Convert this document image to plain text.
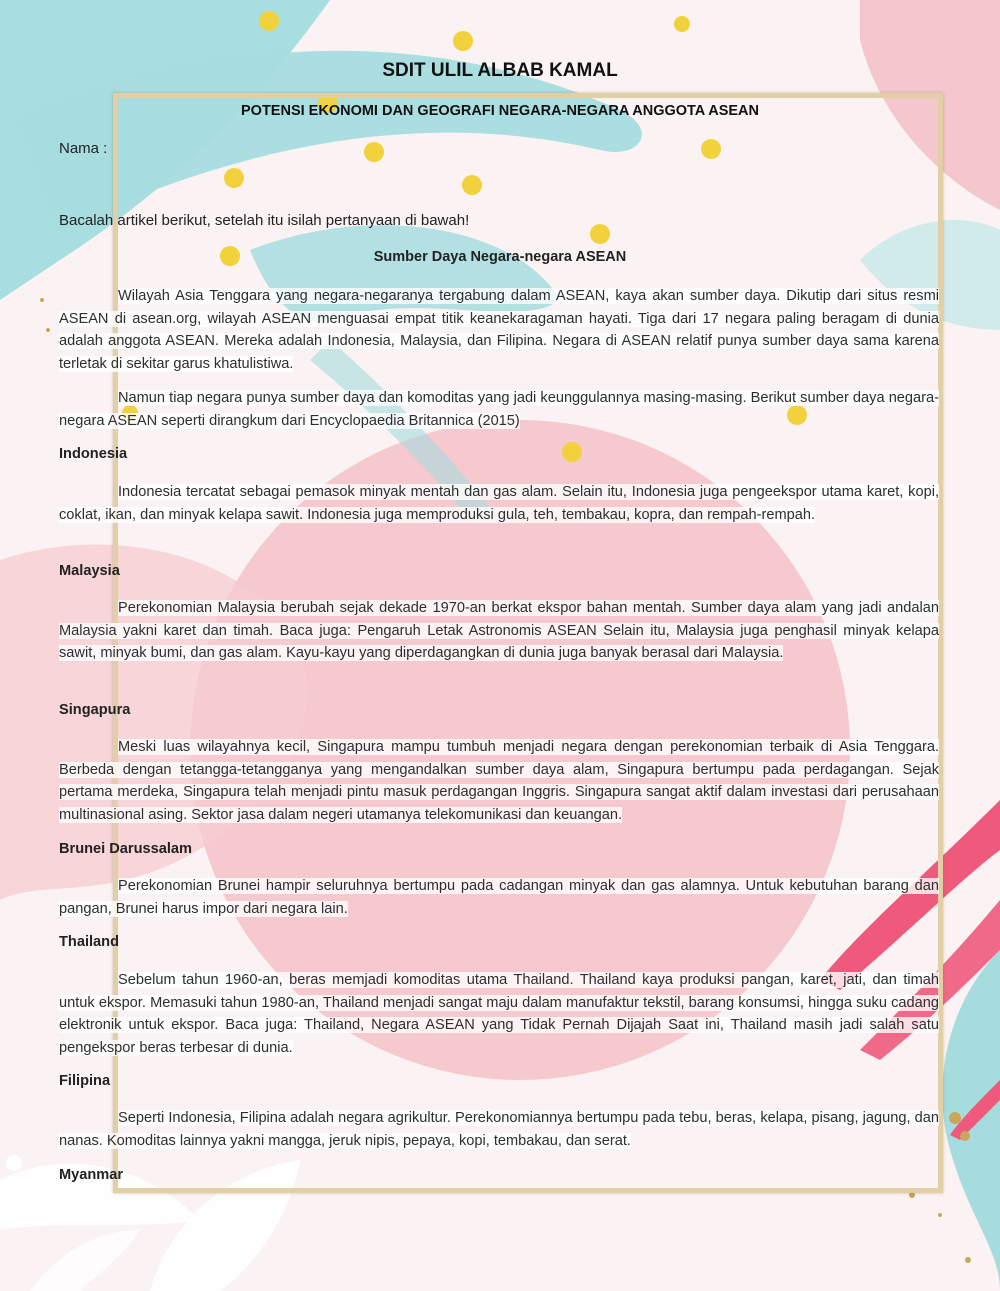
SDIT ULIL ALBAB KAMAL
POTENSI EKONOMI DAN GEOGRAFI NEGARA-NEGARA ANGGOTA ASEAN
Nama :
Bacalah artikel berikut, setelah itu isilah pertanyaan di bawah!
Sumber Daya Negara-negara ASEAN

Wilayah Asia Tenggara yang negara-negaranya tergabung dalam ASEAN, kaya akan sumber daya. Dikutip dari situs resmi ASEAN di asean.org, wilayah ASEAN menguasai empat titik keanekaragaman hayati. Tiga dari 17 negara paling beragam di dunia adalah anggota ASEAN. Mereka adalah Indonesia, Malaysia, dan Filipina. Negara di ASEAN relatif punya sumber daya sama karena terletak di sekitar garus khatulistiwa.

Namun tiap negara punya sumber daya dan komoditas yang jadi keunggulannya masing-masing. Berikut sumber daya negara-negara ASEAN seperti dirangkum dari Encyclopaedia Britannica (2015)

Indonesia

Indonesia tercatat sebagai pemasok minyak mentah dan gas alam. Selain itu, Indonesia juga pengeekspor utama karet, kopi, coklat, ikan, dan minyak kelapa sawit. Indonesia juga memproduksi gula, teh, tembakau, kopra, dan rempah-rempah.

Malaysia

Perekonomian Malaysia berubah sejak dekade 1970-an berkat ekspor bahan mentah. Sumber daya alam yang jadi andalan Malaysia yakni karet dan timah. Baca juga: Pengaruh Letak Astronomis ASEAN Selain itu, Malaysia juga penghasil minyak kelapa sawit, minyak bumi, dan gas alam. Kayu-kayu yang diperdagangkan di dunia juga banyak berasal dari Malaysia.

Singapura

Meski luas wilayahnya kecil, Singapura mampu tumbuh menjadi negara dengan perekonomian terbaik di Asia Tenggara. Berbeda dengan tetangga-tetangganya yang mengandalkan sumber daya alam, Singapura bertumpu pada perdagangan. Sejak pertama merdeka, Singapura telah menjadi pintu masuk perdagangan Inggris. Singapura sangat aktif dalam investasi dari perusahaan multinasional asing. Sektor jasa dalam negeri utamanya telekomunikasi dan keuangan.

Brunei Darussalam

Perekonomian Brunei hampir seluruhnya bertumpu pada cadangan minyak dan gas alamnya. Untuk kebutuhan barang dan pangan, Brunei harus impor dari negara lain.

Thailand

Sebelum tahun 1960-an, beras memjadi komoditas utama Thailand. Thailand kaya produksi pangan, karet, jati, dan timah untuk ekspor. Memasuki tahun 1980-an, Thailand menjadi sangat maju dalam manufaktur tekstil, barang konsumsi, hingga suku cadang elektronik untuk ekspor. Baca juga: Thailand, Negara ASEAN yang Tidak Pernah Dijajah Saat ini, Thailand masih jadi salah satu pengekspor beras terbesar di dunia.

Filipina

Seperti Indonesia, Filipina adalah negara agrikultur. Perekonomiannya bertumpu pada tebu, beras, kelapa, pisang, jagung, dan nanas. Komoditas lainnya yakni mangga, jeruk nipis, pepaya, kopi, tembakau, dan serat.

Myanmar
